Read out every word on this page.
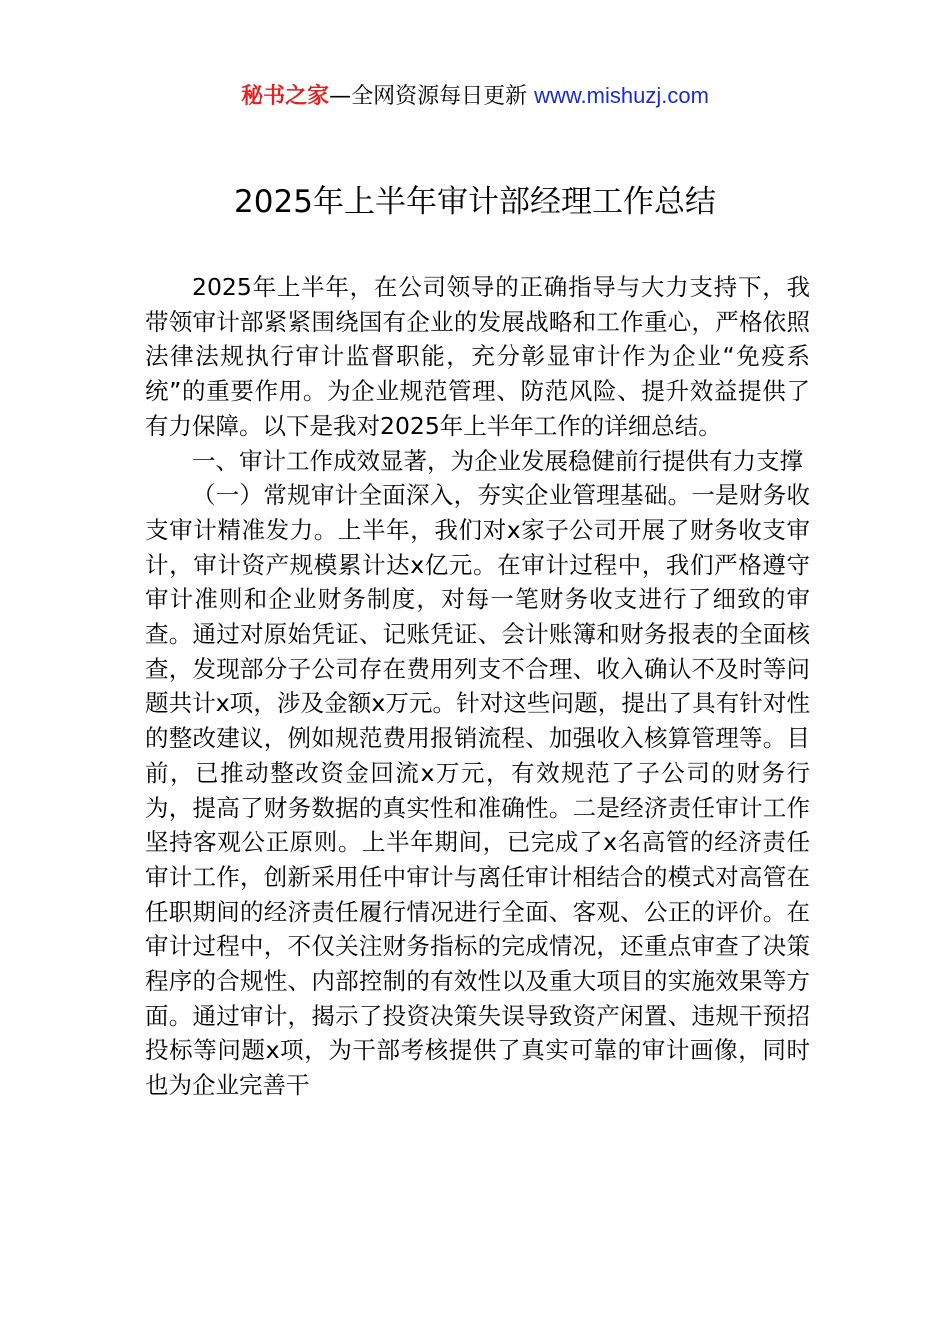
秘书之家—全网资源每日更新 www.mishuzj.com
2025年上半年审计部经理工作总结

2025年上半年，在公司领导的正确指导与大力支持下，我带领审计部紧紧围绕国有企业的发展战略和工作重心，严格依照法律法规执行审计监督职能，充分彰显审计作为企业“免疫系统”的重要作用。为企业规范管理、防范风险、提升效益提供了有力保障。以下是我对2025年上半年工作的详细总结。

一、审计工作成效显著，为企业发展稳健前行提供有力支撑

（一）常规审计全面深入，夯实企业管理基础。一是财务收支审计精准发力。上半年，我们对x家子公司开展了财务收支审计，审计资产规模累计达x亿元。在审计过程中，我们严格遵守审计准则和企业财务制度，对每一笔财务收支进行了细致的审查。通过对原始凭证、记账凭证、会计账簿和财务报表的全面核查，发现部分子公司存在费用列支不合理、收入确认不及时等问题共计x项，涉及金额x万元。针对这些问题，提出了具有针对性的整改建议，例如规范费用报销流程、加强收入核算管理等。目前，已推动整改资金回流x万元，有效规范了子公司的财务行为，提高了财务数据的真实性和准确性。二是经济责任审计工作坚持客观公正原则。上半年期间，已完成了x名高管的经济责任审计工作，创新采用任中审计与离任审计相结合的模式对高管在任职期间的经济责任履行情况进行全面、客观、公正的评价。在审计过程中，不仅关注财务指标的完成情况，还重点审查了决策程序的合规性、内部控制的有效性以及重大项目的实施效果等方面。通过审计，揭示了投资决策失误导致资产闲置、违规干预招投标等问题x项，为干部考核提供了真实可靠的审计画像，同时也为企业完善干
